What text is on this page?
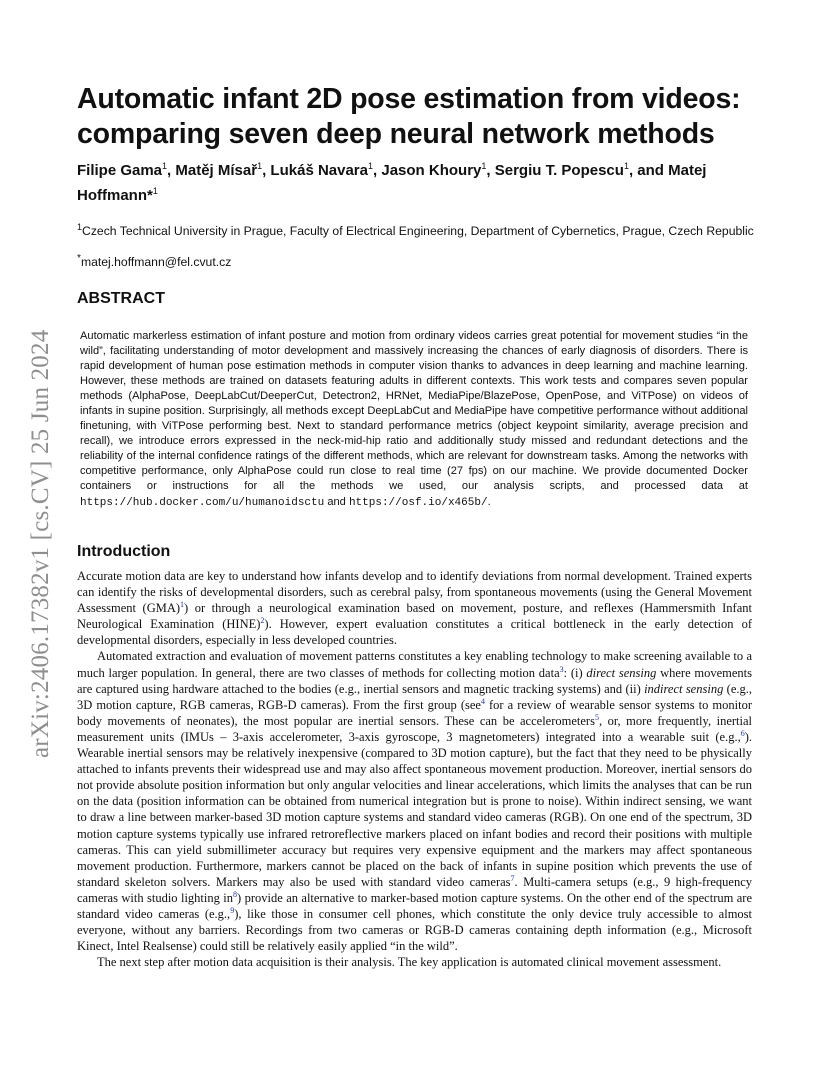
arXiv:2406.17382v1 [cs.CV] 25 Jun 2024
Automatic infant 2D pose estimation from videos: comparing seven deep neural network methods
Filipe Gama$^1$, Matěj Mísař$^1$, Lukáš Navara$^1$, Jason Khoury$^1$, Sergiu T. Popescu$^1$, and Matej Hoffmann*$^1$
$^1$Czech Technical University in Prague, Faculty of Electrical Engineering, Department of Cybernetics, Prague, Czech Republic
*matej.hoffmann@fel.cvut.cz
ABSTRACT

Automatic markerless estimation of infant posture and motion from ordinary videos carries great potential for movement studies “in the wild”, facilitating understanding of motor development and massively increasing the chances of early diagnosis of disorders. There is rapid development of human pose estimation methods in computer vision thanks to advances in deep learning and machine learning. However, these methods are trained on datasets featuring adults in different contexts. This work tests and compares seven popular methods (AlphaPose, DeepLabCut/DeeperCut, Detectron2, HRNet, MediaPipe/BlazePose, OpenPose, and ViTPose) on videos of infants in supine position. Surprisingly, all methods except DeepLabCut and MediaPipe have competitive performance without additional finetuning, with ViTPose performing best. Next to standard performance metrics (object keypoint similarity, average precision and recall), we introduce errors expressed in the neck-mid-hip ratio and additionally study missed and redundant detections and the reliability of the internal confidence ratings of the different methods, which are relevant for downstream tasks. Among the networks with competitive performance, only AlphaPose could run close to real time (27 fps) on our machine. We provide documented Docker containers or instructions for all the methods we used, our analysis scripts, and processed data at https://hub.docker.com/u/humanoidsctu and https://osf.io/x465b/.

Introduction

Accurate motion data are key to understand how infants develop and to identify deviations from normal development. Trained experts can identify the risks of developmental disorders, such as cerebral palsy, from spontaneous movements (using the General Movement Assessment (GMA)$^1$) or through a neurological examination based on movement, posture, and reflexes (Hammersmith Infant Neurological Examination (HINE)$^2$). However, expert evaluation constitutes a critical bottleneck in the early detection of developmental disorders, especially in less developed countries.

Automated extraction and evaluation of movement patterns constitutes a key enabling technology to make screening available to a much larger population. In general, there are two classes of methods for collecting motion data$^3$: (i) direct sensing where movements are captured using hardware attached to the bodies (e.g., inertial sensors and magnetic tracking systems) and (ii) indirect sensing (e.g., 3D motion capture, RGB cameras, RGB-D cameras). From the first group (see$^4$ for a review of wearable sensor systems to monitor body movements of neonates), the most popular are inertial sensors. These can be accelerometers$^5$, or, more frequently, inertial measurement units (IMUs – 3-axis accelerometer, 3-axis gyroscope, 3 magnetometers) integrated into a wearable suit (e.g.,$^6$). Wearable inertial sensors may be relatively inexpensive (compared to 3D motion capture), but the fact that they need to be physically attached to infants prevents their widespread use and may also affect spontaneous movement production. Moreover, inertial sensors do not provide absolute position information but only angular velocities and linear accelerations, which limits the analyses that can be run on the data (position information can be obtained from numerical integration but is prone to noise). Within indirect sensing, we want to draw a line between marker-based 3D motion capture systems and standard video cameras (RGB). On one end of the spectrum, 3D motion capture systems typically use infrared retroreflective markers placed on infant bodies and record their positions with multiple cameras. This can yield submillimeter accuracy but requires very expensive equipment and the markers may affect spontaneous movement production. Furthermore, markers cannot be placed on the back of infants in supine position which prevents the use of standard skeleton solvers. Markers may also be used with standard video cameras$^7$. Multi-camera setups (e.g., 9 high-frequency cameras with studio lighting $in^8$) provide an alternative to marker-based motion capture systems. On the other end of the spectrum are standard video cameras (e.g.,$^9$), like those in consumer cell phones, which constitute the only device truly accessible to almost everyone, without any barriers. Recordings from two cameras or RGB-D cameras containing depth information (e.g., Microsoft Kinect, Intel Realsense) could still be relatively easily applied “in the wild”.

The next step after motion data acquisition is their analysis. The key application is automated clinical movement assessment.
